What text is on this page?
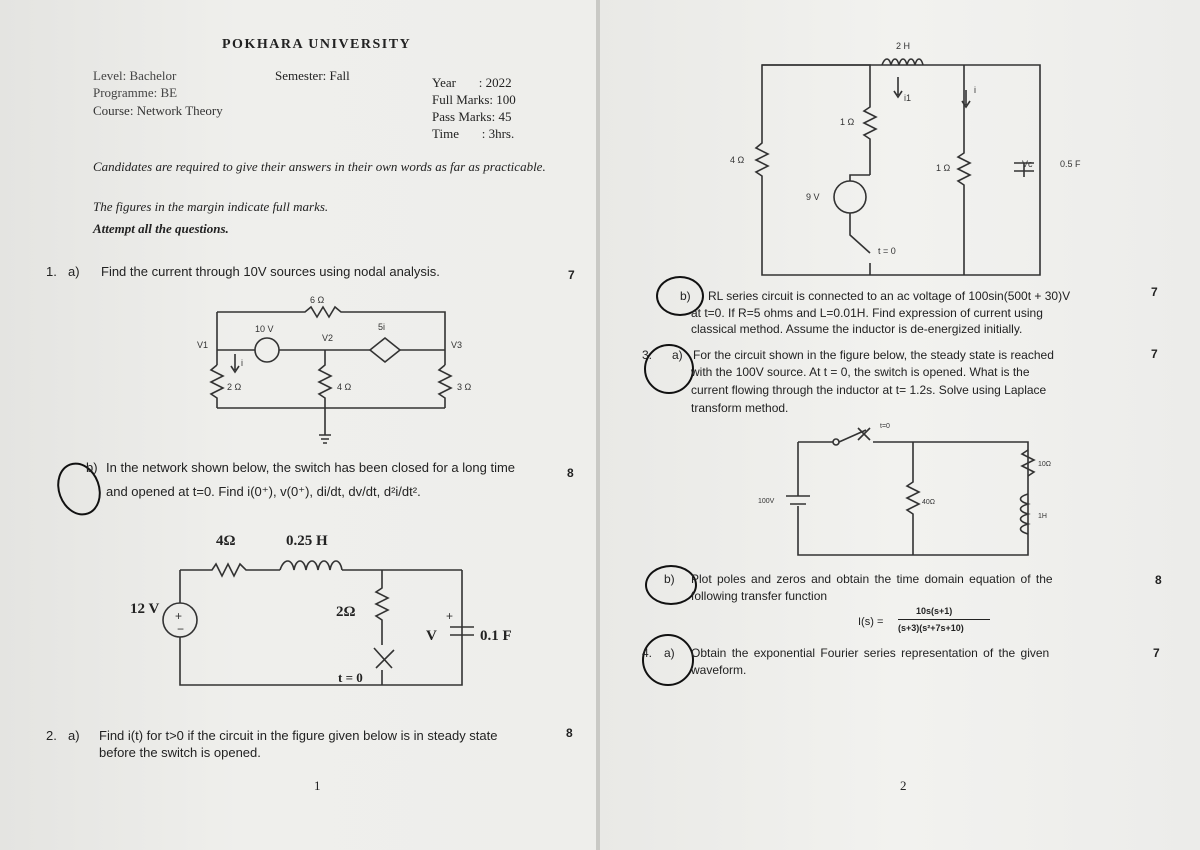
POKHARA UNIVERSITY
Level: Bachelor
Programme: BE
Course: Network Theory
Semester: Fall	Year       : 2022
Full Marks: 100
Pass Marks: 45
Time       : 3hrs.
Candidates are required to give their answers in their own words as far as practicable.
The figures in the margin indicate full marks.
Attempt all the questions.
1. a) Find the current through 10V sources using nodal analysis.	7
6 Ω
10 V	5i
V1
V2
V3
2 Ω	4 Ω	3 Ω
i
b) In the network shown below, the switch has been closed for a long time
and opened at t=0. Find i(0⁺), v(0⁺), di/dt, dv/dt, d²i/dt².
8
4Ω	0.25 H
12 V +
−
2Ω
V
+
0.1 F
t = 0
2. a) Find i(t) for t>0 if the circuit in the figure given below is in steady state
before the switch is opened.
8
1
2 H
i1
i
4 Ω
1 Ω
1 Ω	Vc	0.5 F
9 V
t = 0
b) RL series circuit is connected to an ac voltage of 100sin(500t + 30)V
at t=0. If R=5 ohms and L=0.01H. Find expression of current using
classical method. Assume the inductor is de-energized initially.
7
3. a) For the circuit shown in the figure below, the steady state is reached
with the 100V source. At t = 0, the switch is opened. What is the
current flowing through the inductor at t= 1.2s. Solve using Laplace
transform method.
7
t=0
100V	40Ω
10Ω
1H
b) Plot poles and zeros and obtain the time domain equation of the
following transfer function
8
I(s) =
10s(s+1)
(s+3)(s²+7s+10)
4. a) Obtain the exponential Fourier series representation of the given
waveform.
7
2
